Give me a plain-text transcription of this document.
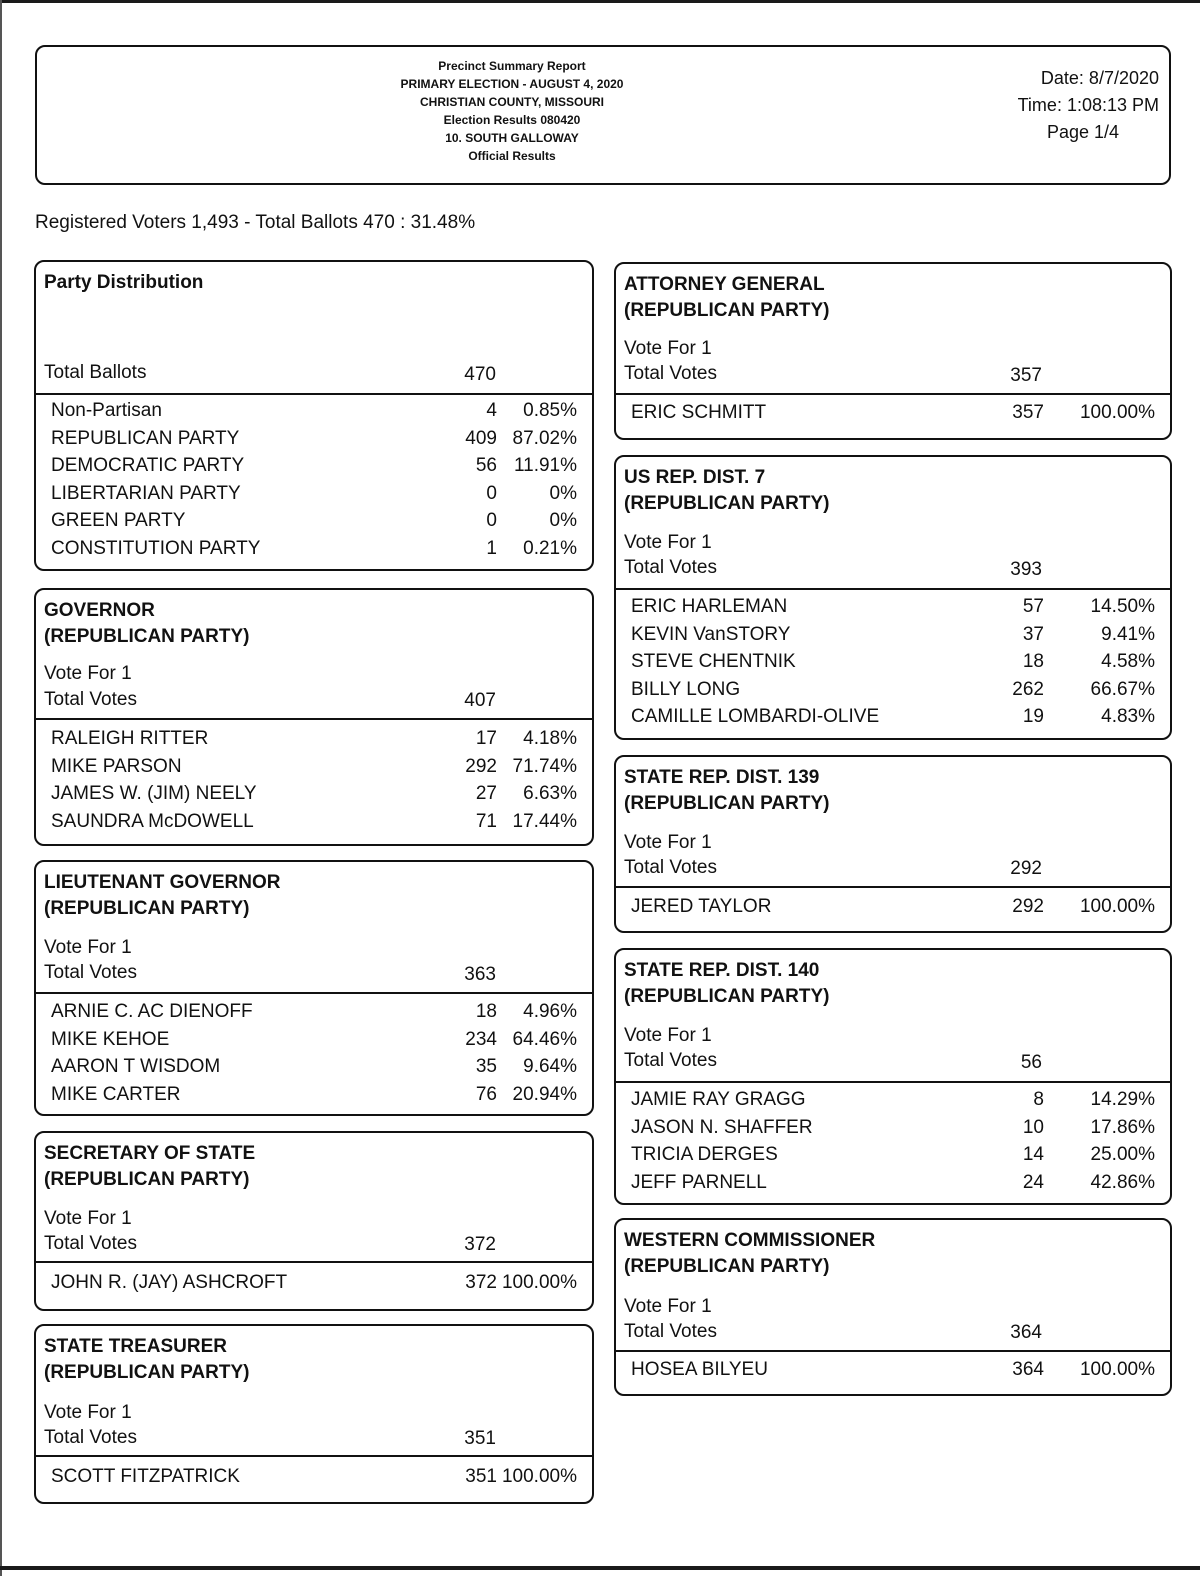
Precinct Summary Report
PRIMARY ELECTION - AUGUST 4, 2020
CHRISTIAN COUNTY, MISSOURI
Election Results 080420
10. SOUTH GALLOWAY
Official Results
Date: 8/7/2020
Time: 1:08:13 PM
Page 1/4
Registered Voters 1,493 - Total Ballots 470 : 31.48%
Party Distribution
Total Ballots	470
Non-Partisan	4 0.85%
REPUBLICAN PARTY	409 87.02%
DEMOCRATIC PARTY	56 11.91%
LIBERTARIAN PARTY	0	0%
GREEN PARTY	0	0%
CONSTITUTION PARTY	1 0.21%
GOVERNOR
(REPUBLICAN PARTY)
Vote For 1
Total Votes	407
RALEIGH RITTER	17 4.18%
MIKE PARSON	292 71.74%
JAMES W. (JIM) NEELY	27 6.63%
SAUNDRA McDOWELL	71 17.44%
LIEUTENANT GOVERNOR
(REPUBLICAN PARTY)
Vote For 1
Total Votes	363
ARNIE C. AC DIENOFF	18 4.96%
MIKE KEHOE	234 64.46%
AARON T WISDOM	35 9.64%
MIKE CARTER	76 20.94%
SECRETARY OF STATE
(REPUBLICAN PARTY)
Vote For 1
Total Votes	372
JOHN R. (JAY) ASHCROFT	372 100.00%
STATE TREASURER
(REPUBLICAN PARTY)
Vote For 1
Total Votes	351
SCOTT FITZPATRICK	351 100.00%
ATTORNEY GENERAL
(REPUBLICAN PARTY)
Vote For 1
Total Votes	357
ERIC SCHMITT	357 100.00%
US REP. DIST. 7
(REPUBLICAN PARTY)
Vote For 1
Total Votes	393
ERIC HARLEMAN	57 14.50%
KEVIN VanSTORY	37	9.41%
STEVE CHENTNIK	18	4.58%
BILLY LONG	262 66.67%
CAMILLE LOMBARDI-OLIVE	19	4.83%
STATE REP. DIST. 139
(REPUBLICAN PARTY)
Vote For 1
Total Votes	292
JERED TAYLOR	292 100.00%
STATE REP. DIST. 140
(REPUBLICAN PARTY)
Vote For 1
Total Votes	56
JAMIE RAY GRAGG	8 14.29%
JASON N. SHAFFER	10 17.86%
TRICIA DERGES	14 25.00%
JEFF PARNELL	24 42.86%
WESTERN COMMISSIONER
(REPUBLICAN PARTY)
Vote For 1
Total Votes	364
HOSEA BILYEU	364 100.00%
